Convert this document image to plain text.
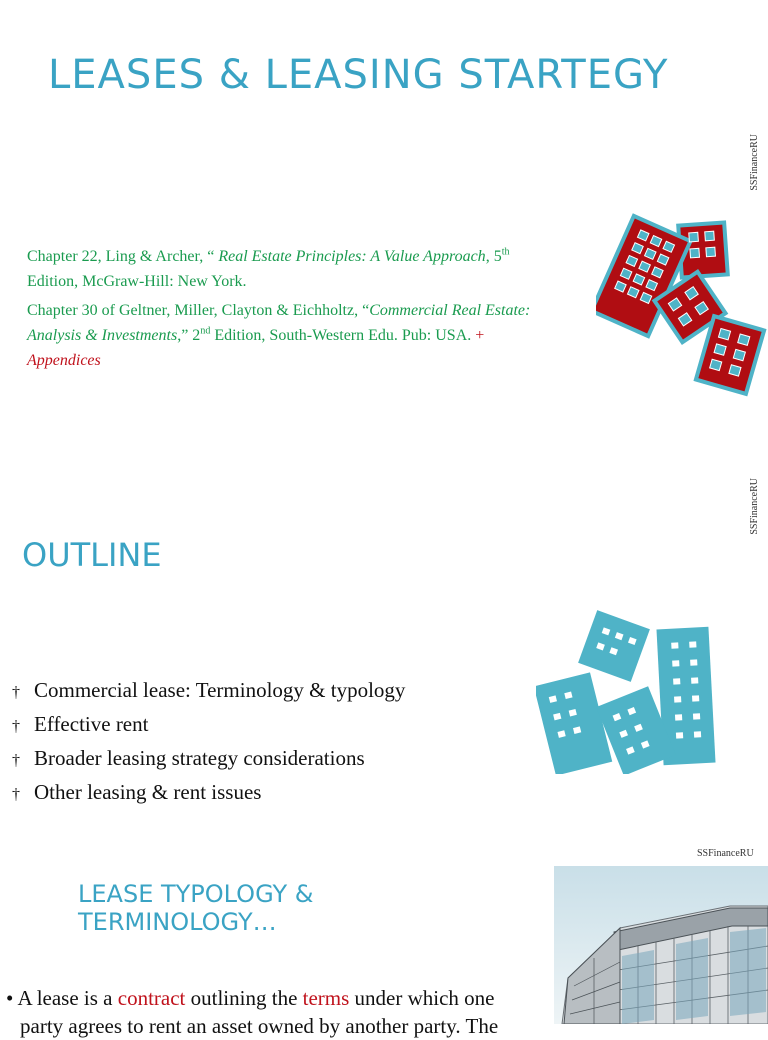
LEASES & LEASING STARTEGY
SSFinanceRU

Chapter 22, Ling & Archer, “ Real Estate Principles: A Value Approach, 5th
Edition, McGraw-Hill: New York.

Chapter 30 of Geltner, Miller, Clayton & Eichholtz, “Commercial Real Estate: Analysis & Investments,” 2nd Edition, South-Western Edu. Pub: USA. +
Appendices

SSFinanceRU
OUTLINE
† Commercial lease: Terminology & typology
† Effective rent
† Broader leasing strategy considerations
† Other leasing & rent issues
SSFinanceRU
LEASE TYPOLOGY &
TERMINOLOGY…
• A lease is a contract outlining the terms under which one
party agrees to rent an asset owned by another party. The
